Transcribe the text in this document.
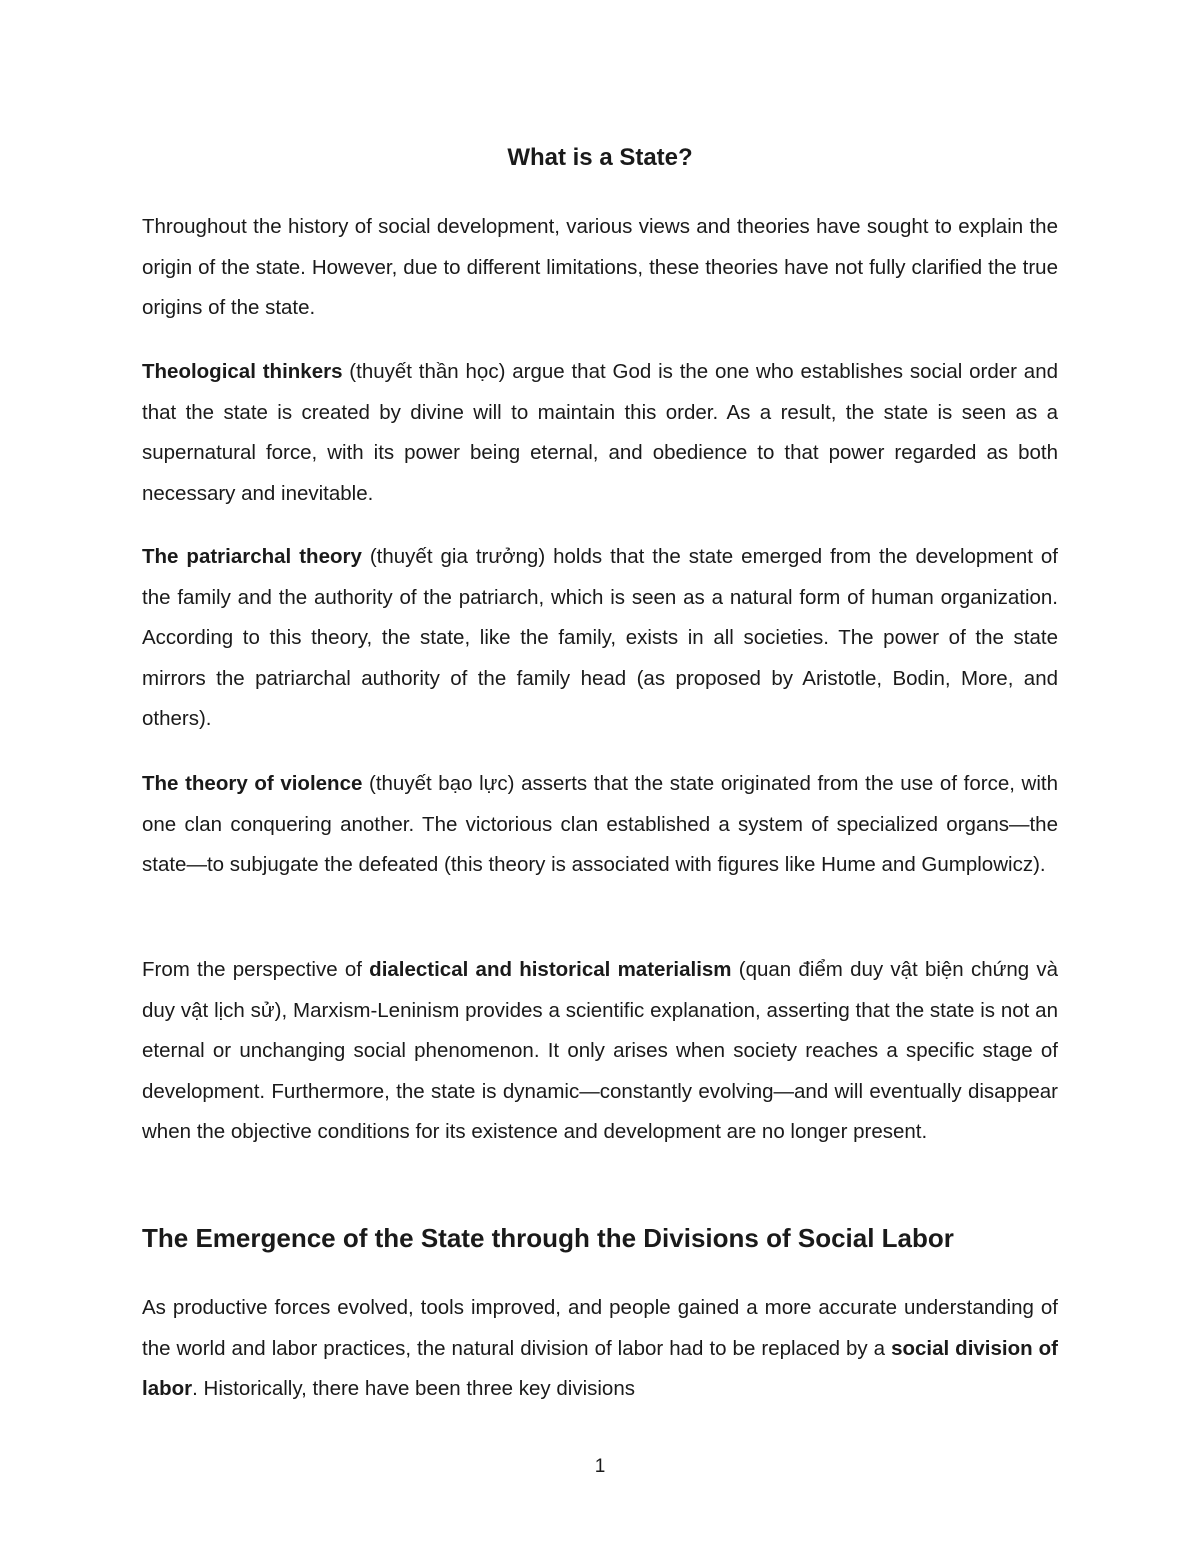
What is a State?

Throughout the history of social development, various views and theories have sought to explain the origin of the state. However, due to different limitations, these theories have not fully clarified the true origins of the state.

Theological thinkers (thuyết thần học) argue that God is the one who establishes social order and that the state is created by divine will to maintain this order. As a result, the state is seen as a supernatural force, with its power being eternal, and obedience to that power regarded as both necessary and inevitable.

The patriarchal theory (thuyết gia trưởng) holds that the state emerged from the development of the family and the authority of the patriarch, which is seen as a natural form of human organization. According to this theory, the state, like the family, exists in all societies. The power of the state mirrors the patriarchal authority of the family head (as proposed by Aristotle, Bodin, More, and others).

The theory of violence (thuyết bạo lực) asserts that the state originated from the use of force, with one clan conquering another. The victorious clan established a system of specialized organs—the state—to subjugate the defeated (this theory is associated with figures like Hume and Gumplowicz).

From the perspective of dialectical and historical materialism (quan điểm duy vật biện chứng và duy vật lịch sử), Marxism-Leninism provides a scientific explanation, asserting that the state is not an eternal or unchanging social phenomenon. It only arises when society reaches a specific stage of development. Furthermore, the state is dynamic—constantly evolving—and will eventually disappear when the objective conditions for its existence and development are no longer present.

The Emergence of the State through the Divisions of Social Labor

As productive forces evolved, tools improved, and people gained a more accurate understanding of the world and labor practices, the natural division of labor had to be replaced by a social division of labor. Historically, there have been three key divisions

1
